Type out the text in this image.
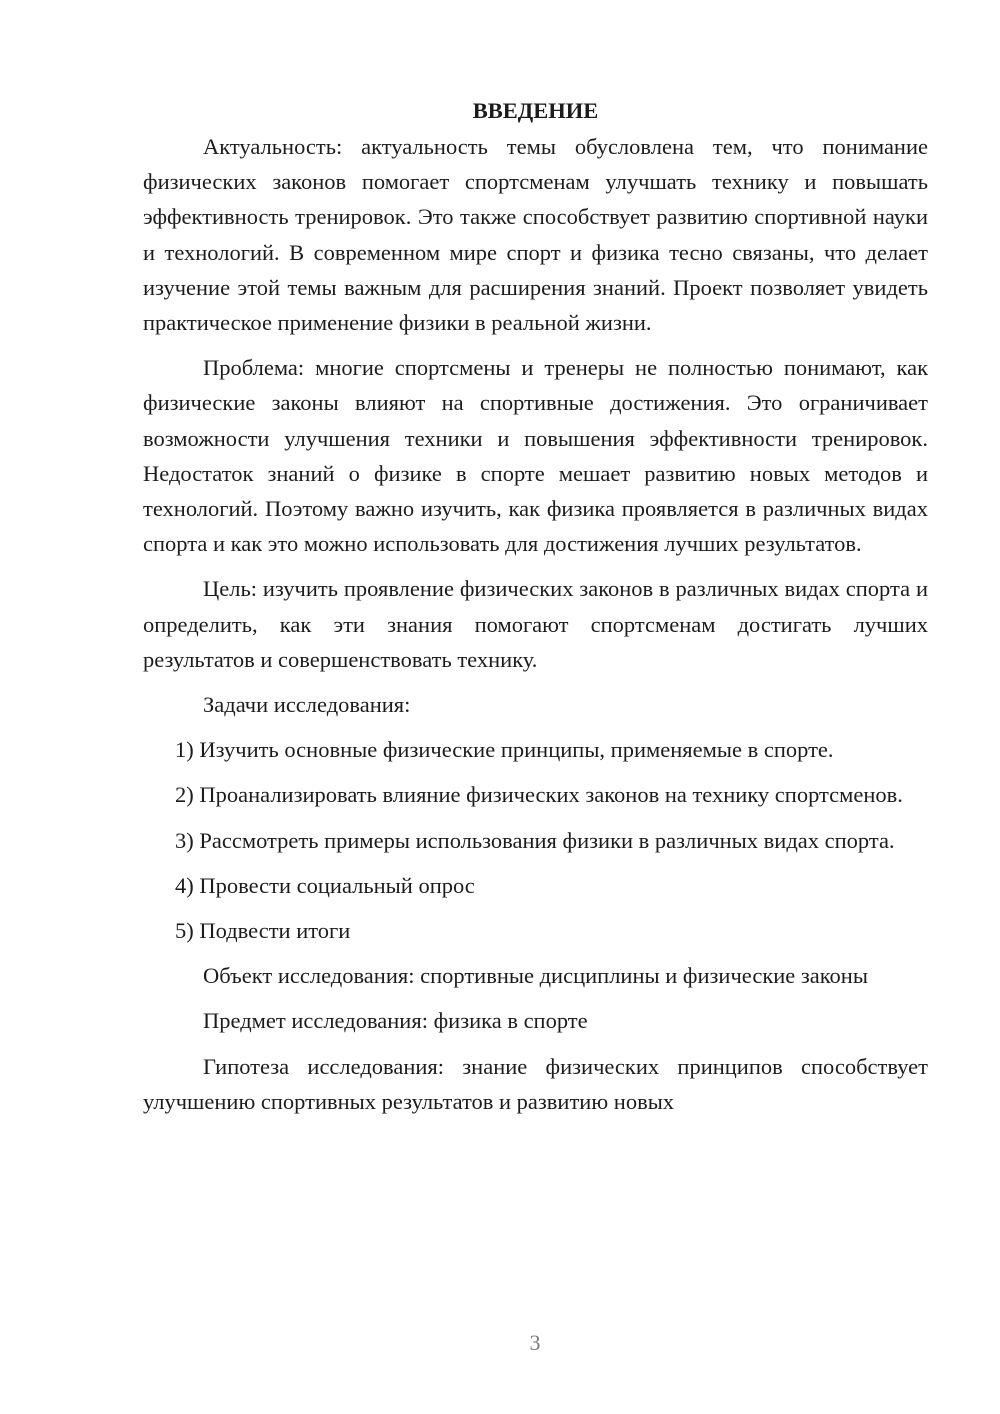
ВВЕДЕНИЕ

Актуальность: актуальность темы обусловлена тем, что понимание физических законов помогает спортсменам улучшать технику и повышать эффективность тренировок. Это также способствует развитию спортивной науки и технологий. В современном мире спорт и физика тесно связаны, что делает изучение этой темы важным для расширения знаний. Проект позволяет увидеть практическое применение физики в реальной жизни.

Проблема: многие спортсмены и тренеры не полностью понимают, как физические законы влияют на спортивные достижения. Это ограничивает возможности улучшения техники и повышения эффективности тренировок. Недостаток знаний о физике в спорте мешает развитию новых методов и технологий. Поэтому важно изучить, как физика проявляется в различных видах спорта и как это можно использовать для достижения лучших результатов.

Цель: изучить проявление физических законов в различных видах спорта и определить, как эти знания помогают спортсменам достигать лучших результатов и совершенствовать технику.

Задачи исследования:

1) Изучить основные физические принципы, применяемые в спорте.

2) Проанализировать влияние физических законов на технику спортсменов.

3) Рассмотреть примеры использования физики в различных видах спорта.

4) Провести социальный опрос

5) Подвести итоги

Объект исследования: спортивные дисциплины и физические законы

Предмет исследования: физика в спорте

Гипотеза исследования: знание физических принципов способствует улучшению спортивных результатов и развитию новых

3
